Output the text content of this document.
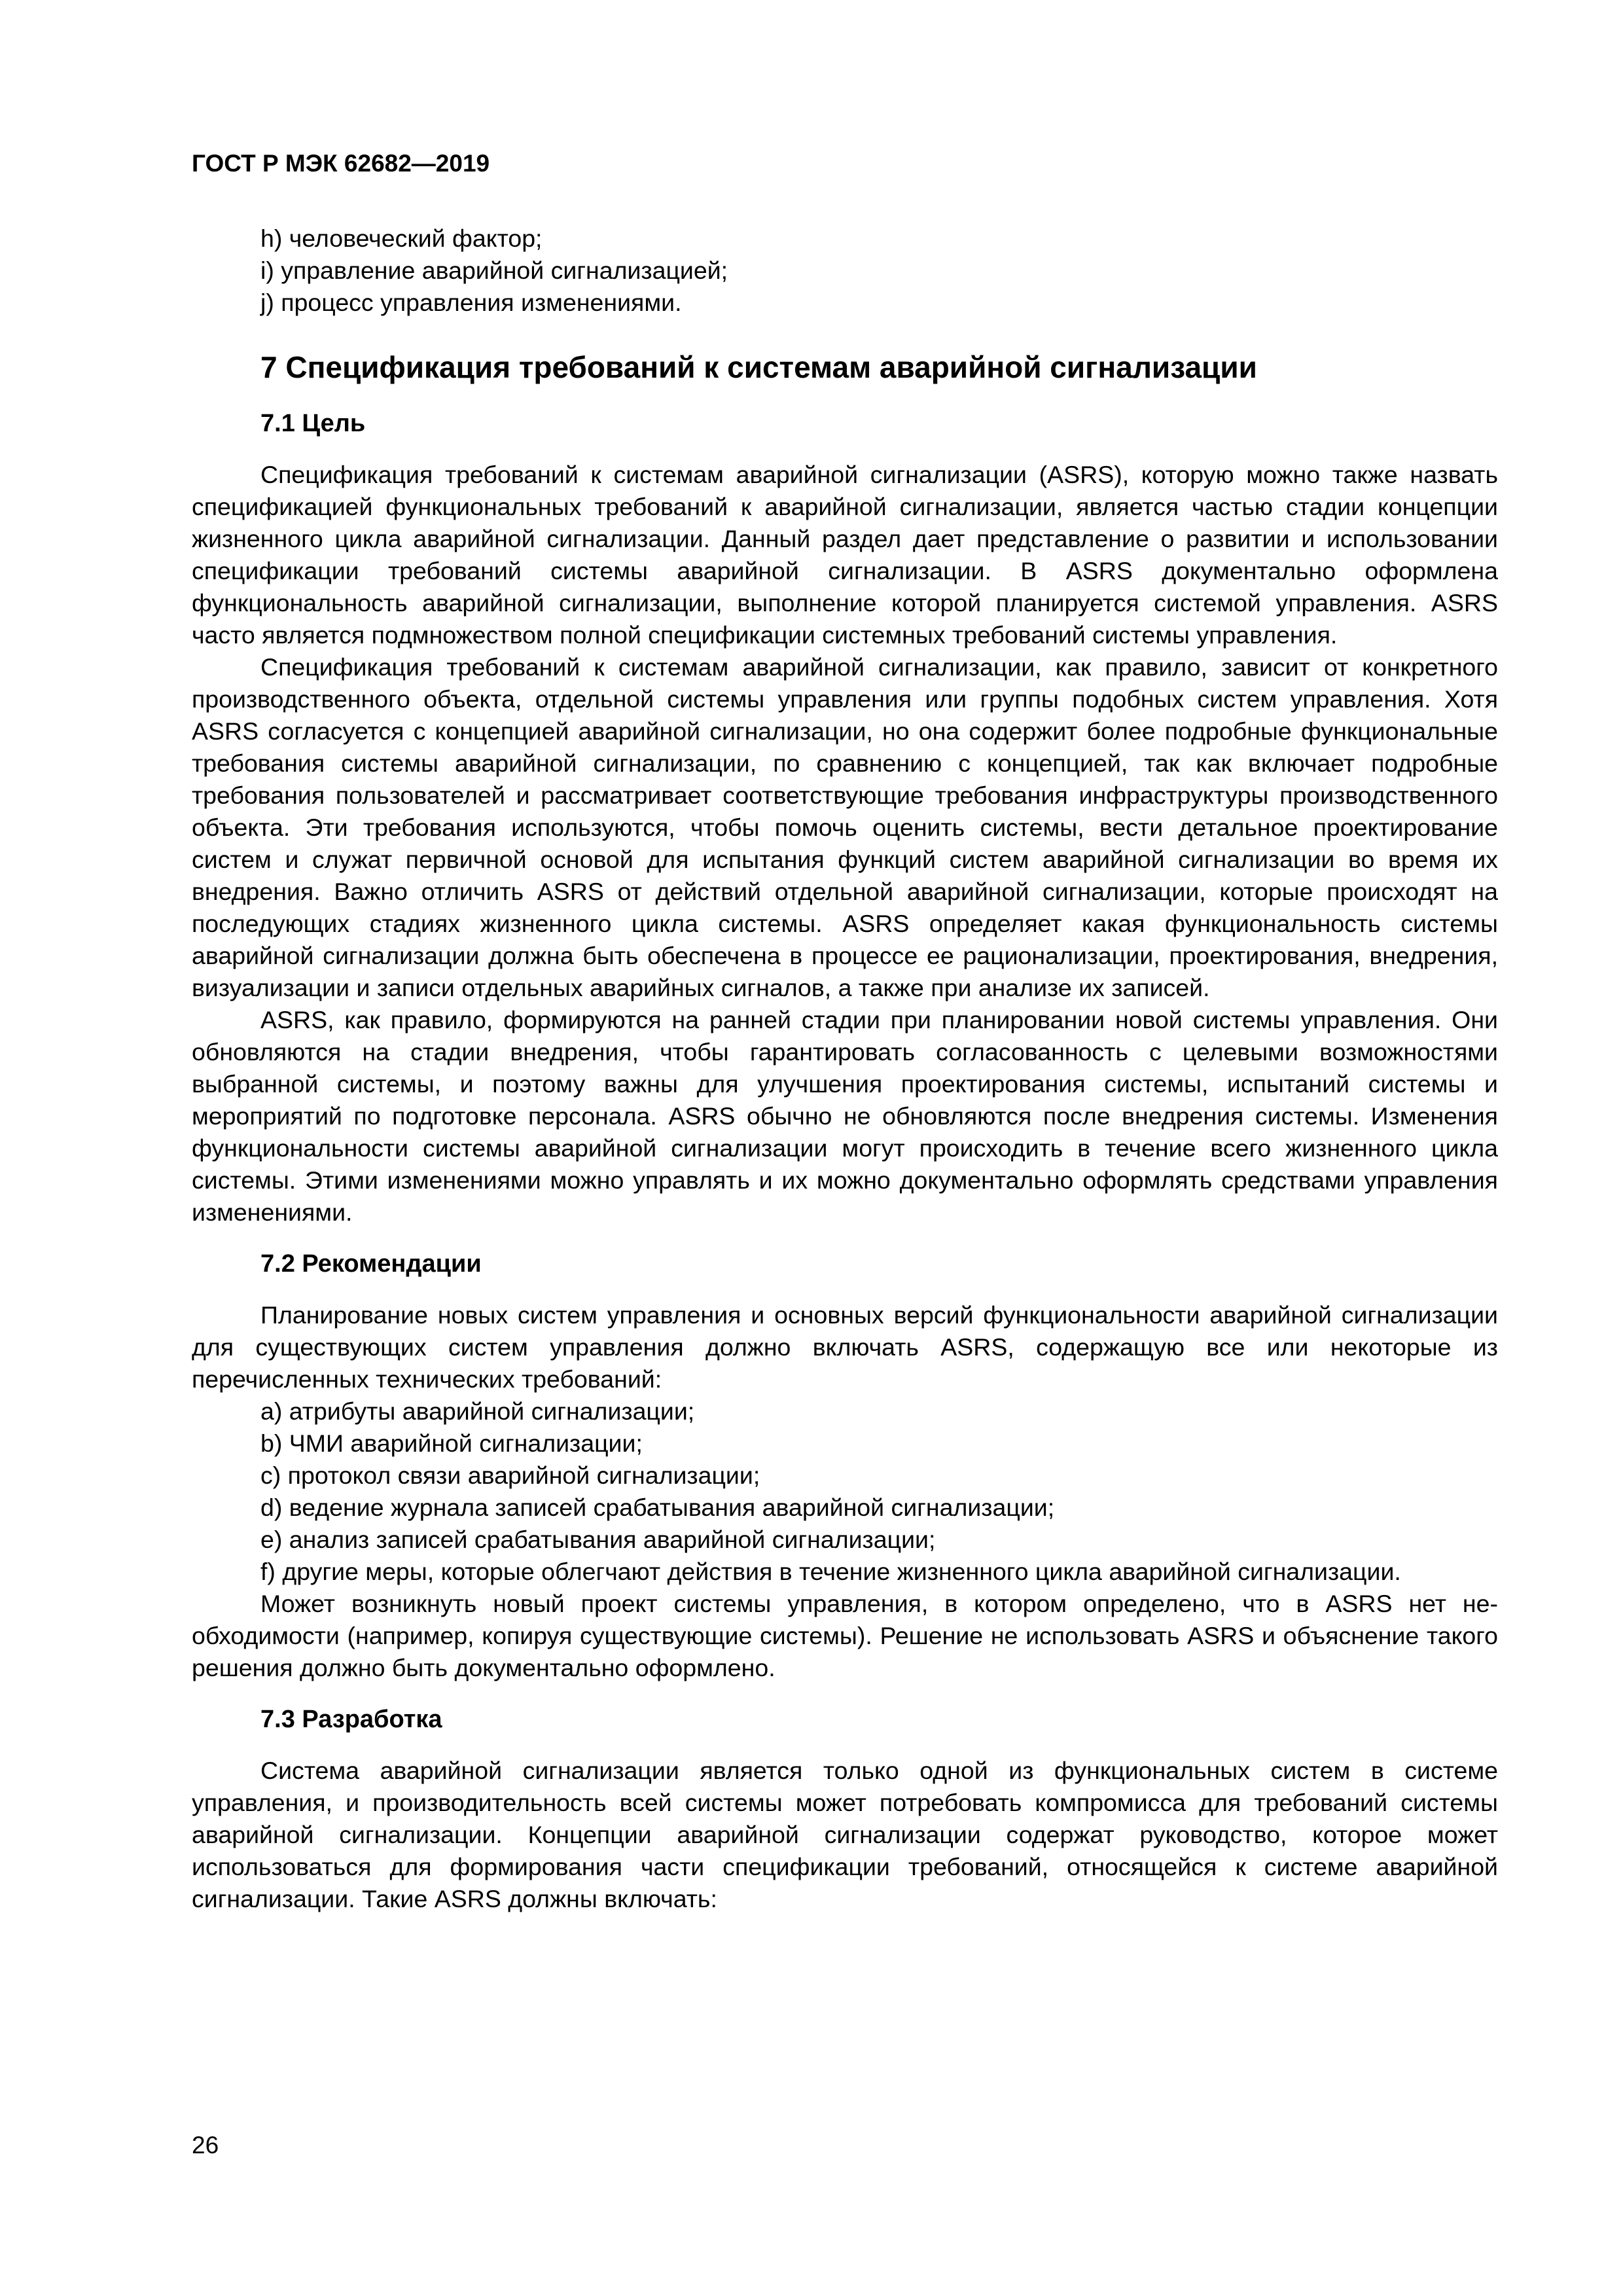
ГОСТ Р МЭК 62682—2019
h) человеческий фактор;
i) управление аварийной сигнализацией;
j) процесс управления изменениями.
7 Спецификация требований к системам аварийной сигнализации
7.1 Цель

Спецификация требований к системам аварийной сигнализации (ASRS), которую можно также назвать спецификацией функциональных требований к аварийной сигнализации, является частью стадии концепции жизненного цикла аварийной сигнализации. Данный раздел дает представление о развитии и использовании спецификации требований системы аварийной сигнализации. В ASRS документально оформлена функциональность аварийной сигнализации, выполнение которой планируется системой управления. ASRS часто является подмножеством полной спецификации системных требований системы управления.

Спецификация требований к системам аварийной сигнализации, как правило, зависит от конкретного производственного объекта, отдельной системы управления или группы подобных систем управления. Хотя ASRS согласуется с концепцией аварийной сигнализации, но она содержит более подробные функциональные требования системы аварийной сигнализации, по сравнению с концепцией, так как включает подробные требования пользователей и рассматривает соответствующие требования инфраструктуры производственного объекта. Эти требования используются, чтобы помочь оценить системы, вести детальное проектирование систем и служат первичной основой для испытания функций систем аварийной сигнализации во время их внедрения. Важно отличить ASRS от действий отдельной аварийной сигнализации, которые происходят на последующих стадиях жизненного цикла системы. ASRS определяет какая функциональность системы аварийной сигнализации должна быть обеспечена в процессе ее рационализации, проектирования, внедрения, визуализации и записи отдельных аварийных сигналов, а также при анализе их записей.

ASRS, как правило, формируются на ранней стадии при планировании новой системы управления. Они обновляются на стадии внедрения, чтобы гарантировать согласованность с целевыми возможностями выбранной системы, и поэтому важны для улучшения проектирования системы, испытаний системы и мероприятий по подготовке персонала. ASRS обычно не обновляются после внедрения системы. Изменения функциональности системы аварийной сигнализации могут происходить в течение всего жизненного цикла системы. Этими изменениями можно управлять и их можно документально оформлять средствами управления изменениями.

7.2 Рекомендации

Планирование новых систем управления и основных версий функциональности аварийной сигнализации для существующих систем управления должно включать ASRS, содержащую все или некоторые из перечисленных технических требований:

a) атрибуты аварийной сигнализации;
b) ЧМИ аварийной сигнализации;
c) протокол связи аварийной сигнализации;
d) ведение журнала записей срабатывания аварийной сигнализации;
e) анализ записей срабатывания аварийной сигнализации;

f) другие меры, которые облегчают действия в течение жизненного цикла аварийной сигнализации.

Может возникнуть новый проект системы управления, в котором определено, что в ASRS нет необходимости (например, копируя существующие системы). Решение не использовать ASRS и объяснение такого решения должно быть документально оформлено.

7.3 Разработка

Система аварийной сигнализации является только одной из функциональных систем в системе управления, и производительность всей системы может потребовать компромисса для требований системы аварийной сигнализации. Концепции аварийной сигнализации содержат руководство, которое может использоваться для формирования части спецификации требований, относящейся к системе аварийной сигнализации. Такие ASRS должны включать:

26
